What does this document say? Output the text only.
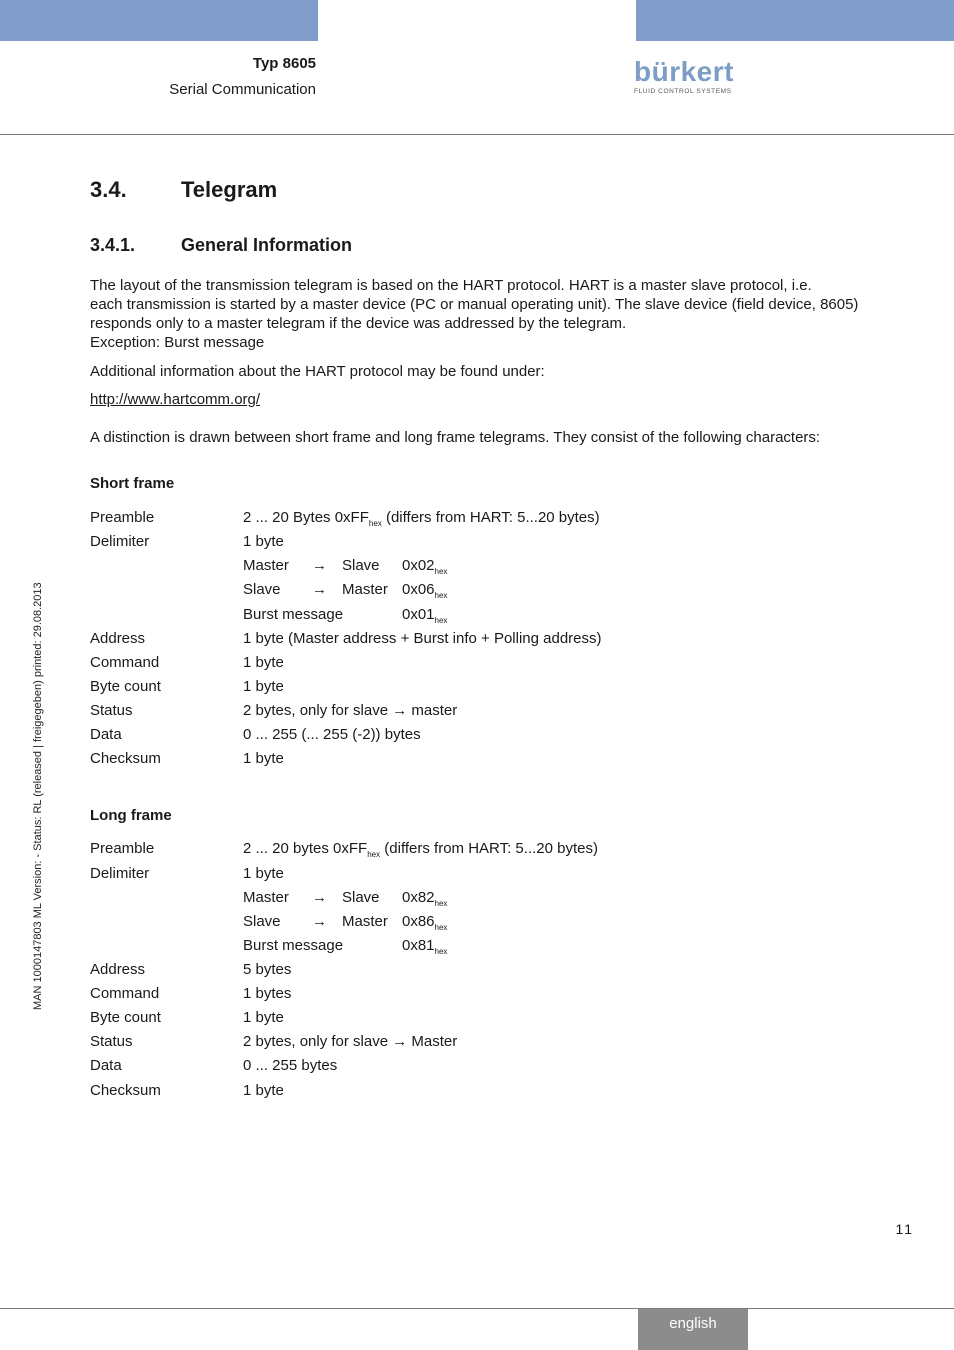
Typ 8605
Serial Communication
bürkert
FLUID CONTROL SYSTEMS
3.4. Telegram
3.4.1.	General Information
The layout of the transmission telegram is based on the HART protocol. HART is a master slave protocol, i.e.
each transmission is started by a master device (PC or manual operating unit). The slave device (field device, 8605)
responds only to a master telegram if the device was addressed by the telegram.
Exception: Burst message
Additional information about the HART protocol may be found under:
http://www.hartcomm.org/
A distinction is drawn between short frame and long frame telegrams. They consist of the following characters:
Short frame
Preamble	2 ... 20 Bytes 0xFF$_{hex}$ (differs from HART: 5...20 bytes)
Delimiter	1 byte
Master → Slave $0x02_{hex}$
Slave → Master $0x06_{hex}$
Burst message	$0x01_{hex}$
Address	1 byte (Master address + Burst info + Polling address)
Command	1 byte
Byte count	1 byte
Status	2 bytes, only for slave → master
Data	0 ... 255 (... 255 (-2)) bytes
Checksum	1 byte
Long frame
Preamble	2 ... 20 bytes 0xFF$_{hex}$ (differs from HART: 5...20 bytes)
Delimiter	1 byte
Master → Slave $0x82_{hex}$
Slave → Master $0x86_{hex}$
Burst message	$0x81_{hex}$
Address	5 bytes
Command	1 bytes
Byte count	1 byte
Status	2 bytes, only for slave → Master
Data	0 ... 255 bytes
Checksum	1 byte
MAN 1000147803 ML Version: - Status: RL (released | freigegeben) printed: 29.08.2013
11
english
